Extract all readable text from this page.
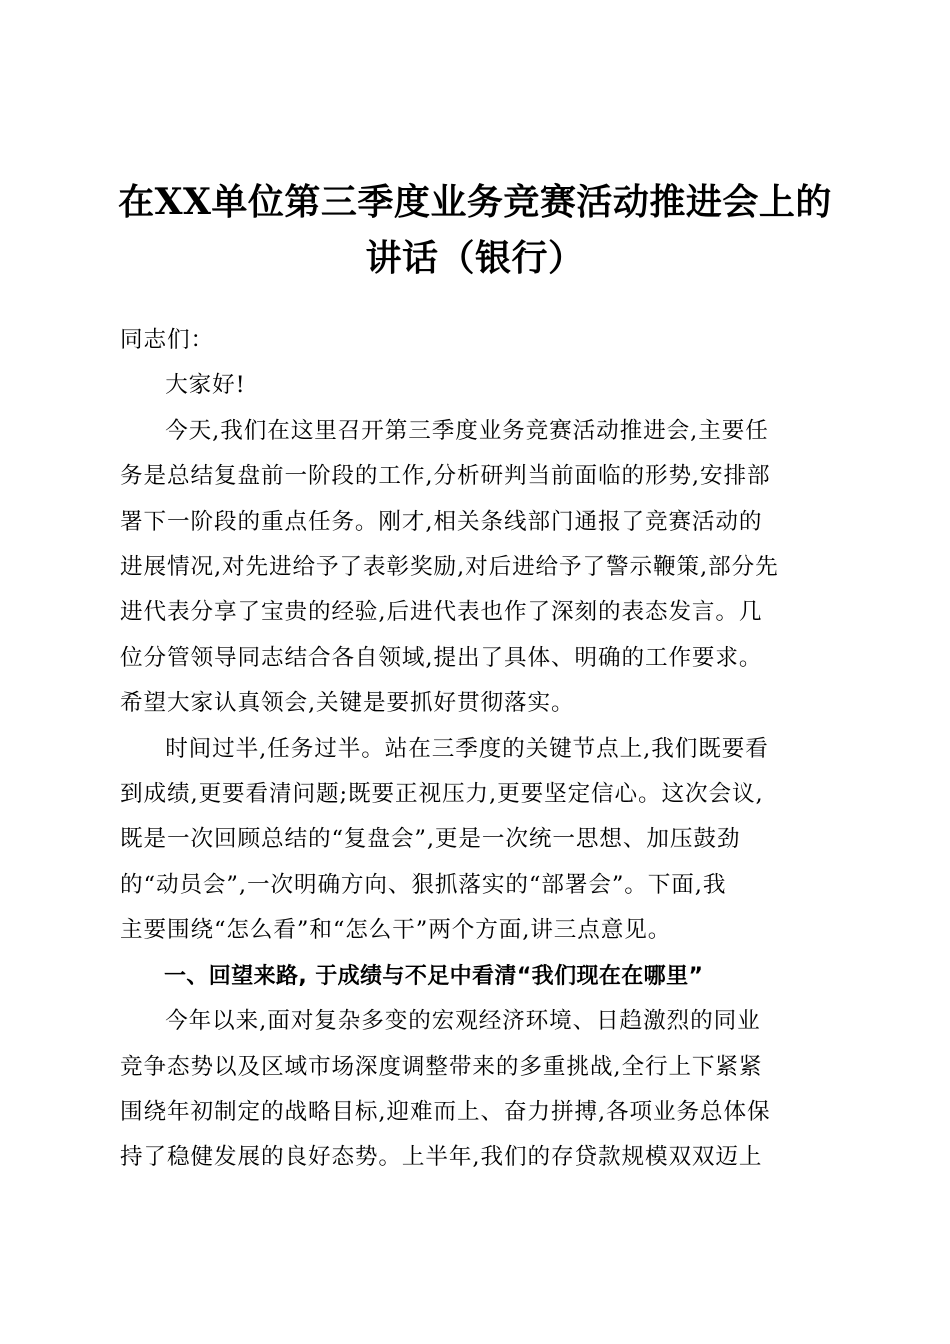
在XX单位第三季度业务竞赛活动推进会上的
讲话（银行）

同志们：

大家好!

今天,我们在这里召开第三季度业务竞赛活动推进会,主要任
务是总结复盘前一阶段的工作,分析研判当前面临的形势,安排部
署下一阶段的重点任务。刚才,相关条线部门通报了竞赛活动的
进展情况,对先进给予了表彰奖励,对后进给予了警示鞭策,部分先
进代表分享了宝贵的经验,后进代表也作了深刻的表态发言。几
位分管领导同志结合各自领域,提出了具体、明确的工作要求。
希望大家认真领会,关键是要抓好贯彻落实。

时间过半,任务过半。站在三季度的关键节点上,我们既要看
到成绩,更要看清问题;既要正视压力,更要坚定信心。这次会议,
既是一次回顾总结的“复盘会”,更是一次统一思想、加压鼓劲
的“动员会”,一次明确方向、狠抓落实的“部署会”。下面,我
主要围绕“怎么看”和“怎么干”两个方面,讲三点意见。

一、回望来路, 于成绩与不足中看清“我们现在在哪里”

今年以来,面对复杂多变的宏观经济环境、日趋激烈的同业
竞争态势以及区域市场深度调整带来的多重挑战,全行上下紧紧
围绕年初制定的战略目标,迎难而上、奋力拼搏,各项业务总体保
持了稳健发展的良好态势。上半年,我们的存贷款规模双双迈上
